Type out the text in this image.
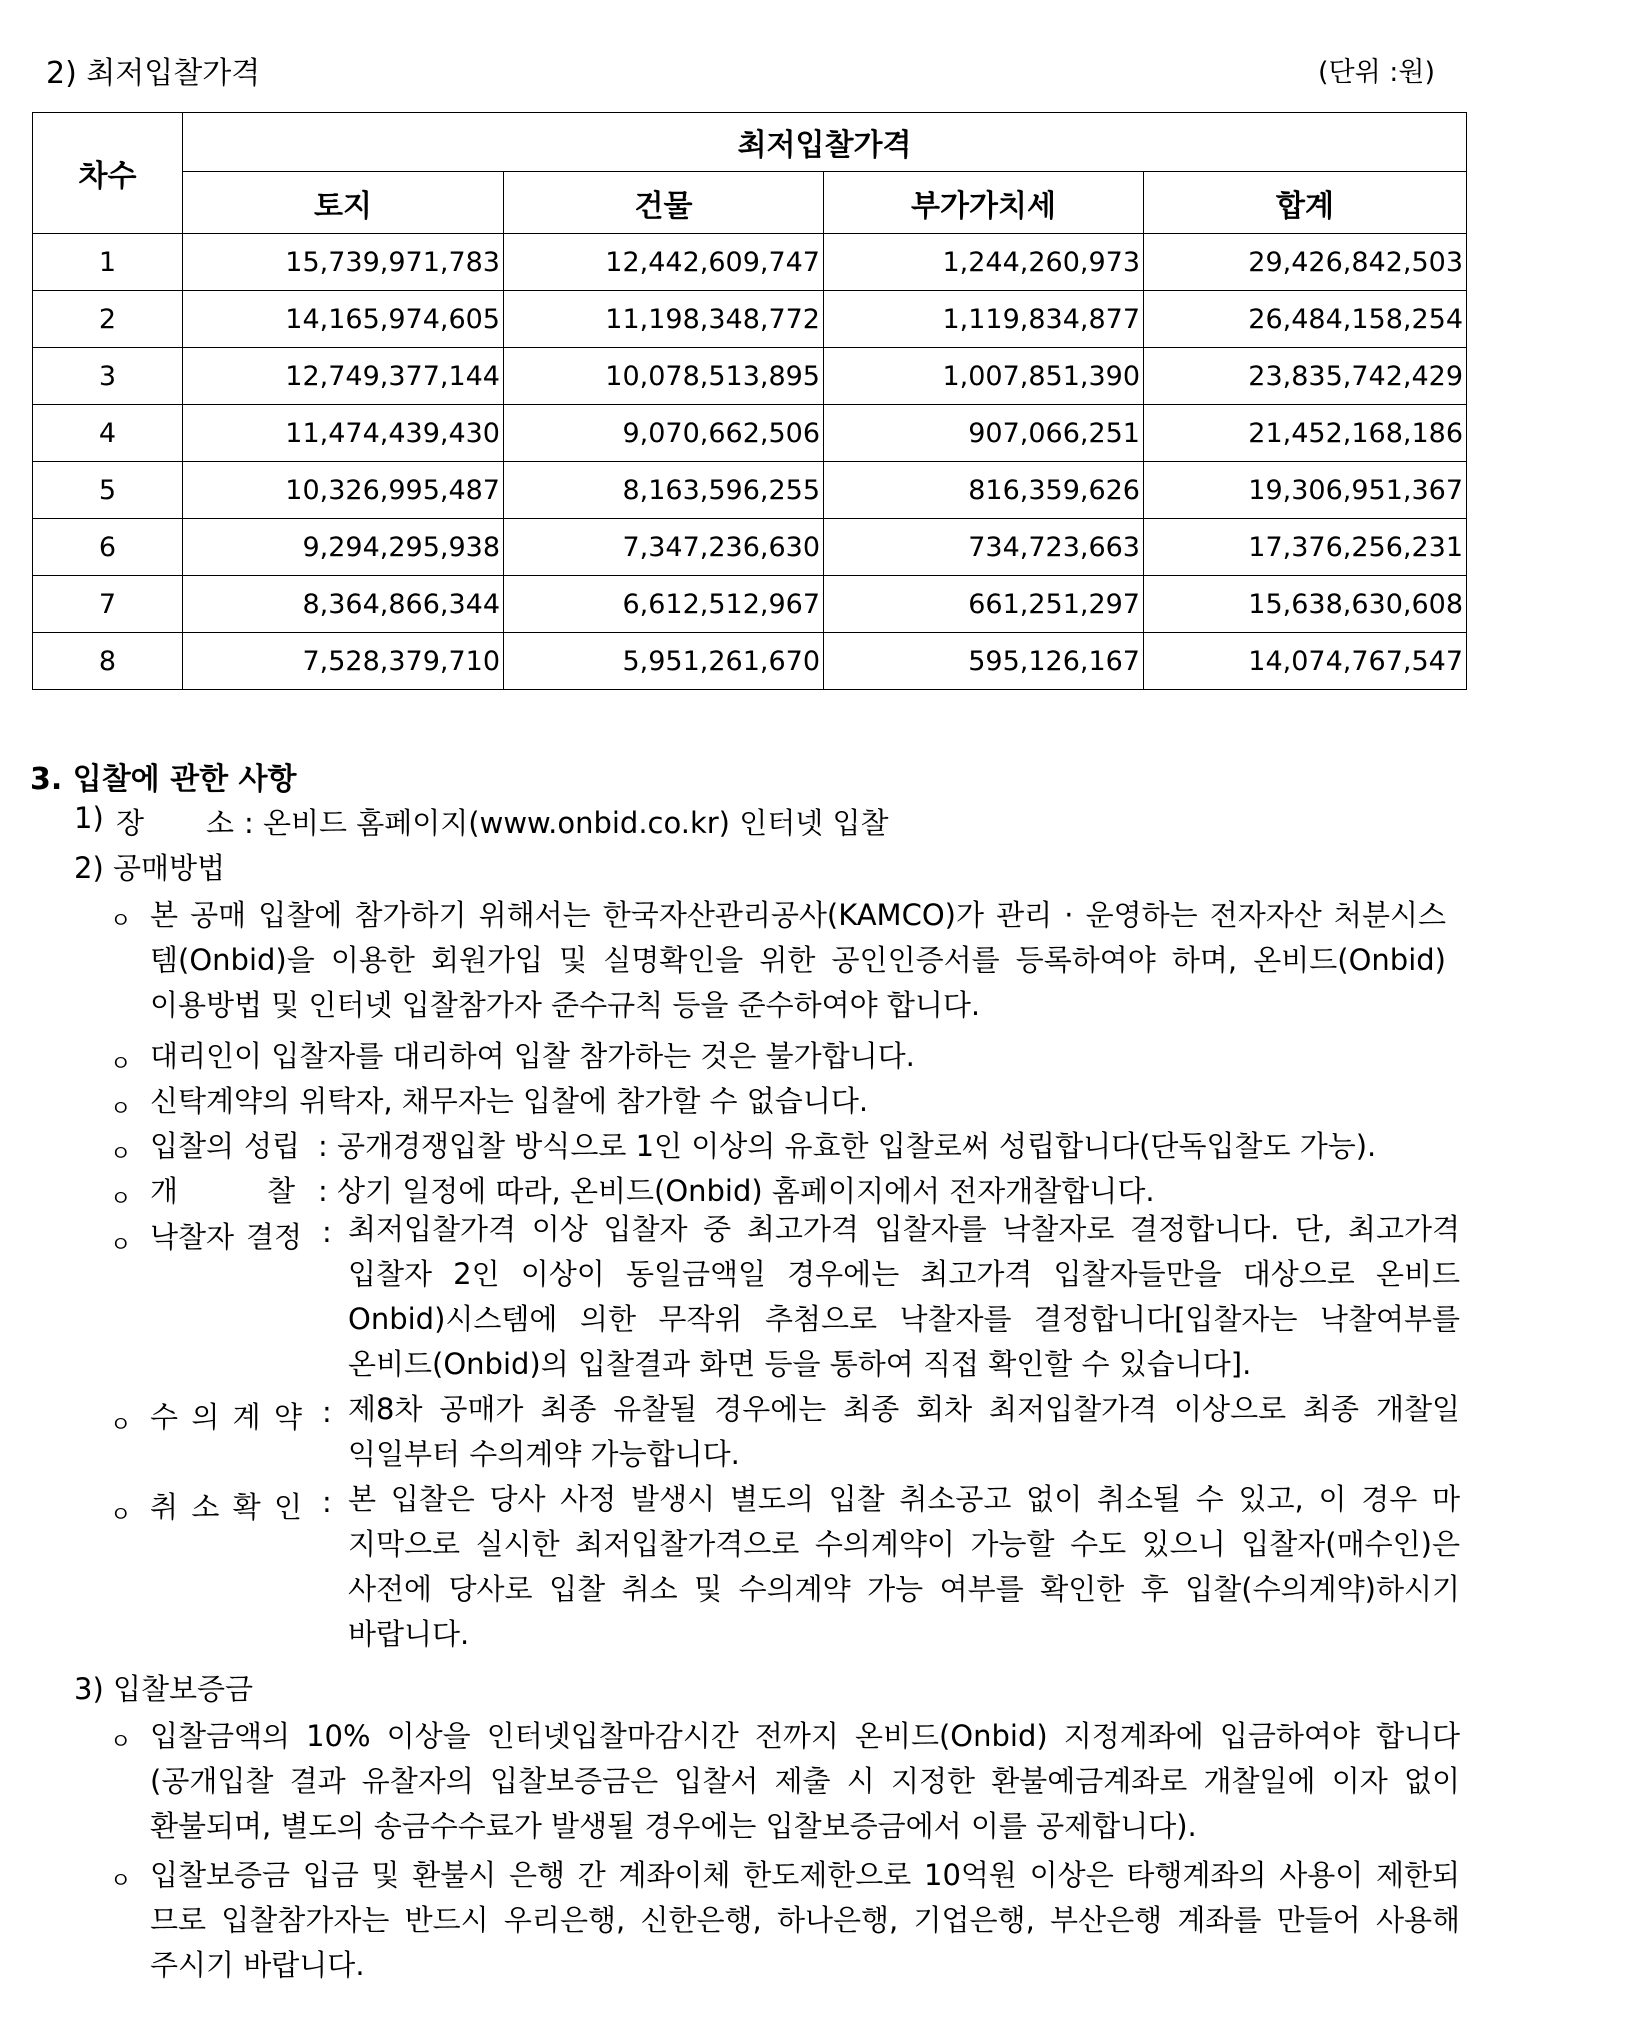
2) 최저입찰가격	(단위 :원)
차수	최저입찰가격			
	토지	건물	부가가치세	합계
1	15,739,971,783	12,442,609,747	1,244,260,973	29,426,842,503
2	14,165,974,605	11,198,348,772	1,119,834,877	26,484,158,254
3	12,749,377,144	10,078,513,895	1,007,851,390	23,835,742,429
4	11,474,439,430	9,070,662,506	907,066,251	21,452,168,186
5	10,326,995,487	8,163,596,255	816,359,626	19,306,951,367
6	9,294,295,938	7,347,236,630	734,723,663	17,376,256,231
7	8,364,866,344	6,612,512,967	661,251,297	15,638,630,608
8	7,528,379,710	5,951,261,670	595,126,167	14,074,767,547
3. 입찰에 관한 사항
1) 장 소 : 온비드 홈페이지(www.onbid.co.kr) 인터넷 입찰
2) 공매방법
ㅇ 본 공매 입찰에 참가하기 위해서는 한국자산관리공사(KAMCO)가 관리 · 운영하는 전자자산 처분시스
템(Onbid)을 이용한 회원가입 및 실명확인을 위한 공인인증서를 등록하여야 하며, 온비드(Onbid)
이용방법 및 인터넷 입찰참가자 준수규칙 등을 준수하여야 합니다.
ㅇ 대리인이 입찰자를 대리하여 입찰 참가하는 것은 불가합니다.
ㅇ 신탁계약의 위탁자, 채무자는 입찰에 참가할 수 없습니다.
ㅇ 입찰의 성립 : 공개경쟁입찰 방식으로 1인 이상의 유효한 입찰로써 성립합니다(단독입찰도 가능).
ㅇ 개 찰 : 상기 일정에 따라, 온비드(Onbid) 홈페이지에서 전자개찰합니다.
ㅇ 낙찰자 결정 : 최저입찰가격 이상 입찰자 중 최고가격 입찰자를 낙찰자로 결정합니다. 단, 최고가격
입찰자 2인 이상이 동일금액일 경우에는 최고가격 입찰자들만을 대상으로 온비드
Onbid)시스템에 의한 무작위 추첨으로 낙찰자를 결정합니다[입찰자는 낙찰여부를
온비드(Onbid)의 입찰결과 화면 등을 통하여 직접 확인할 수 있습니다].
ㅇ 수 의 계 약 : 제8차 공매가 최종 유찰될 경우에는 최종 회차 최저입찰가격 이상으로 최종 개찰일
익일부터 수의계약 가능합니다.
ㅇ 취 소 확 인 : 본 입찰은 당사 사정 발생시 별도의 입찰 취소공고 없이 취소될 수 있고, 이 경우 마
지막으로 실시한 최저입찰가격으로 수의계약이 가능할 수도 있으니 입찰자(매수인)은
사전에 당사로 입찰 취소 및 수의계약 가능 여부를 확인한 후 입찰(수의계약)하시기
바랍니다.
3) 입찰보증금
ㅇ 입찰금액의 10% 이상을 인터넷입찰마감시간 전까지 온비드(Onbid) 지정계좌에 입금하여야 합니다
(공개입찰 결과 유찰자의 입찰보증금은 입찰서 제출 시 지정한 환불예금계좌로 개찰일에 이자 없이
환불되며, 별도의 송금수수료가 발생될 경우에는 입찰보증금에서 이를 공제합니다).
ㅇ 입찰보증금 입금 및 환불시 은행 간 계좌이체 한도제한으로 10억원 이상은 타행계좌의 사용이 제한되
므로 입찰참가자는 반드시 우리은행, 신한은행, 하나은행, 기업은행, 부산은행 계좌를 만들어 사용해
주시기 바랍니다.
